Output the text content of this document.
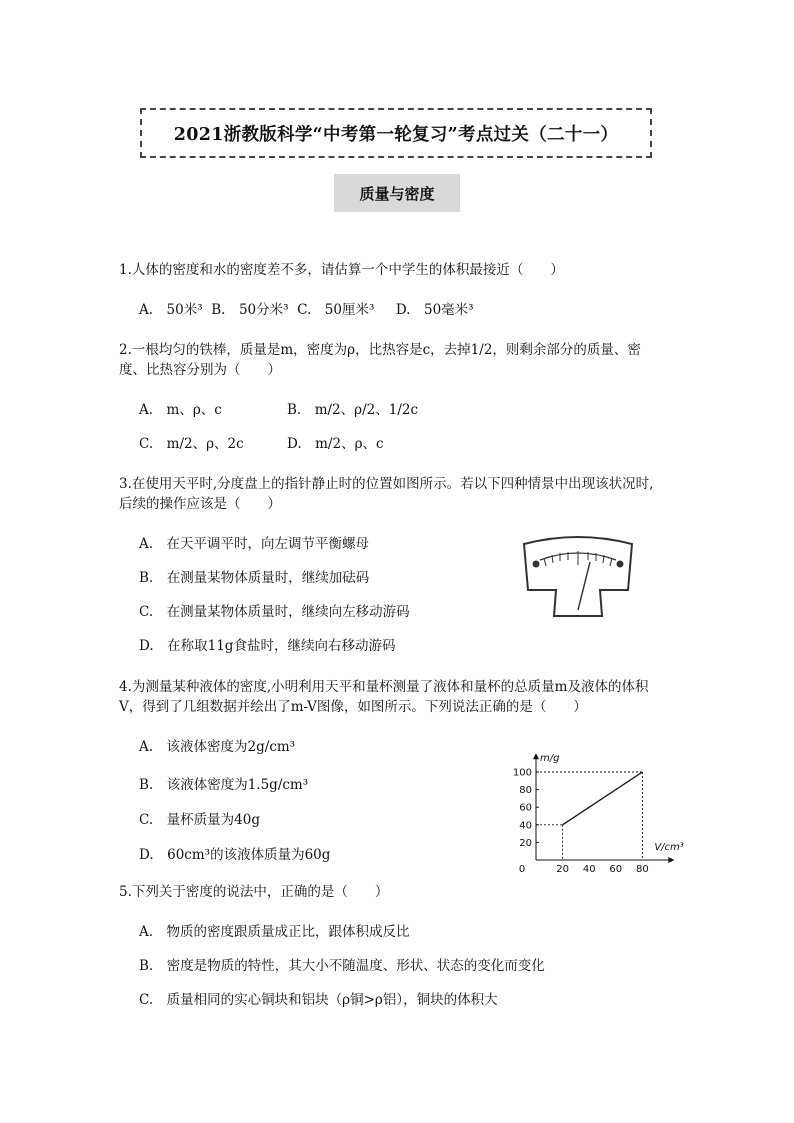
2021浙教版科学“中考第一轮复习”考点过关（二十一）
质量与密度
1.人体的密度和水的密度差不多，请估算一个中学生的体积最接近（　　）
A.　50米³ B.　50分米³ C.　50厘米³ D.　50毫米³
2.一根均匀的铁棒，质量是m，密度为ρ，比热容是c，去掉1/2，则剩余部分的质量、密
度、比热容分别为（　　）
A.　m、ρ、c	B.　m/2、ρ/2、1/2c
C.　m/2、ρ、2c	D.　m/2、ρ、c
3.在使用天平时,分度盘上的指针静止时的位置如图所示。若以下四种情景中出现该状况时,
后续的操作应该是（　　）
A.　在天平调平时，向左调节平衡螺母
B.　在测量某物体质量时，继续加砝码
C.　在测量某物体质量时，继续向左移动游码
D.　在称取11g食盐时，继续向右移动游码
4.为测量某种液体的密度,小明利用天平和量杯测量了液体和量杯的总质量m及液体的体积
V，得到了几组数据并绘出了m-V图像，如图所示。下列说法正确的是（　　）
A.　该液体密度为2g/cm³
B.　该液体密度为1.5g/cm³
C.　量杯质量为40g
D.　60cm³的该液体质量为60g
0	20 40 60 80
20
40
60
80
100
m/g
V/cm³
5.下列关于密度的说法中，正确的是（　　）
A.　物质的密度跟质量成正比，跟体积成反比
B.　密度是物质的特性，其大小不随温度、形状、状态的变化而变化
C.　质量相同的实心铜块和铝块（ρ铜>ρ铝），铜块的体积大
